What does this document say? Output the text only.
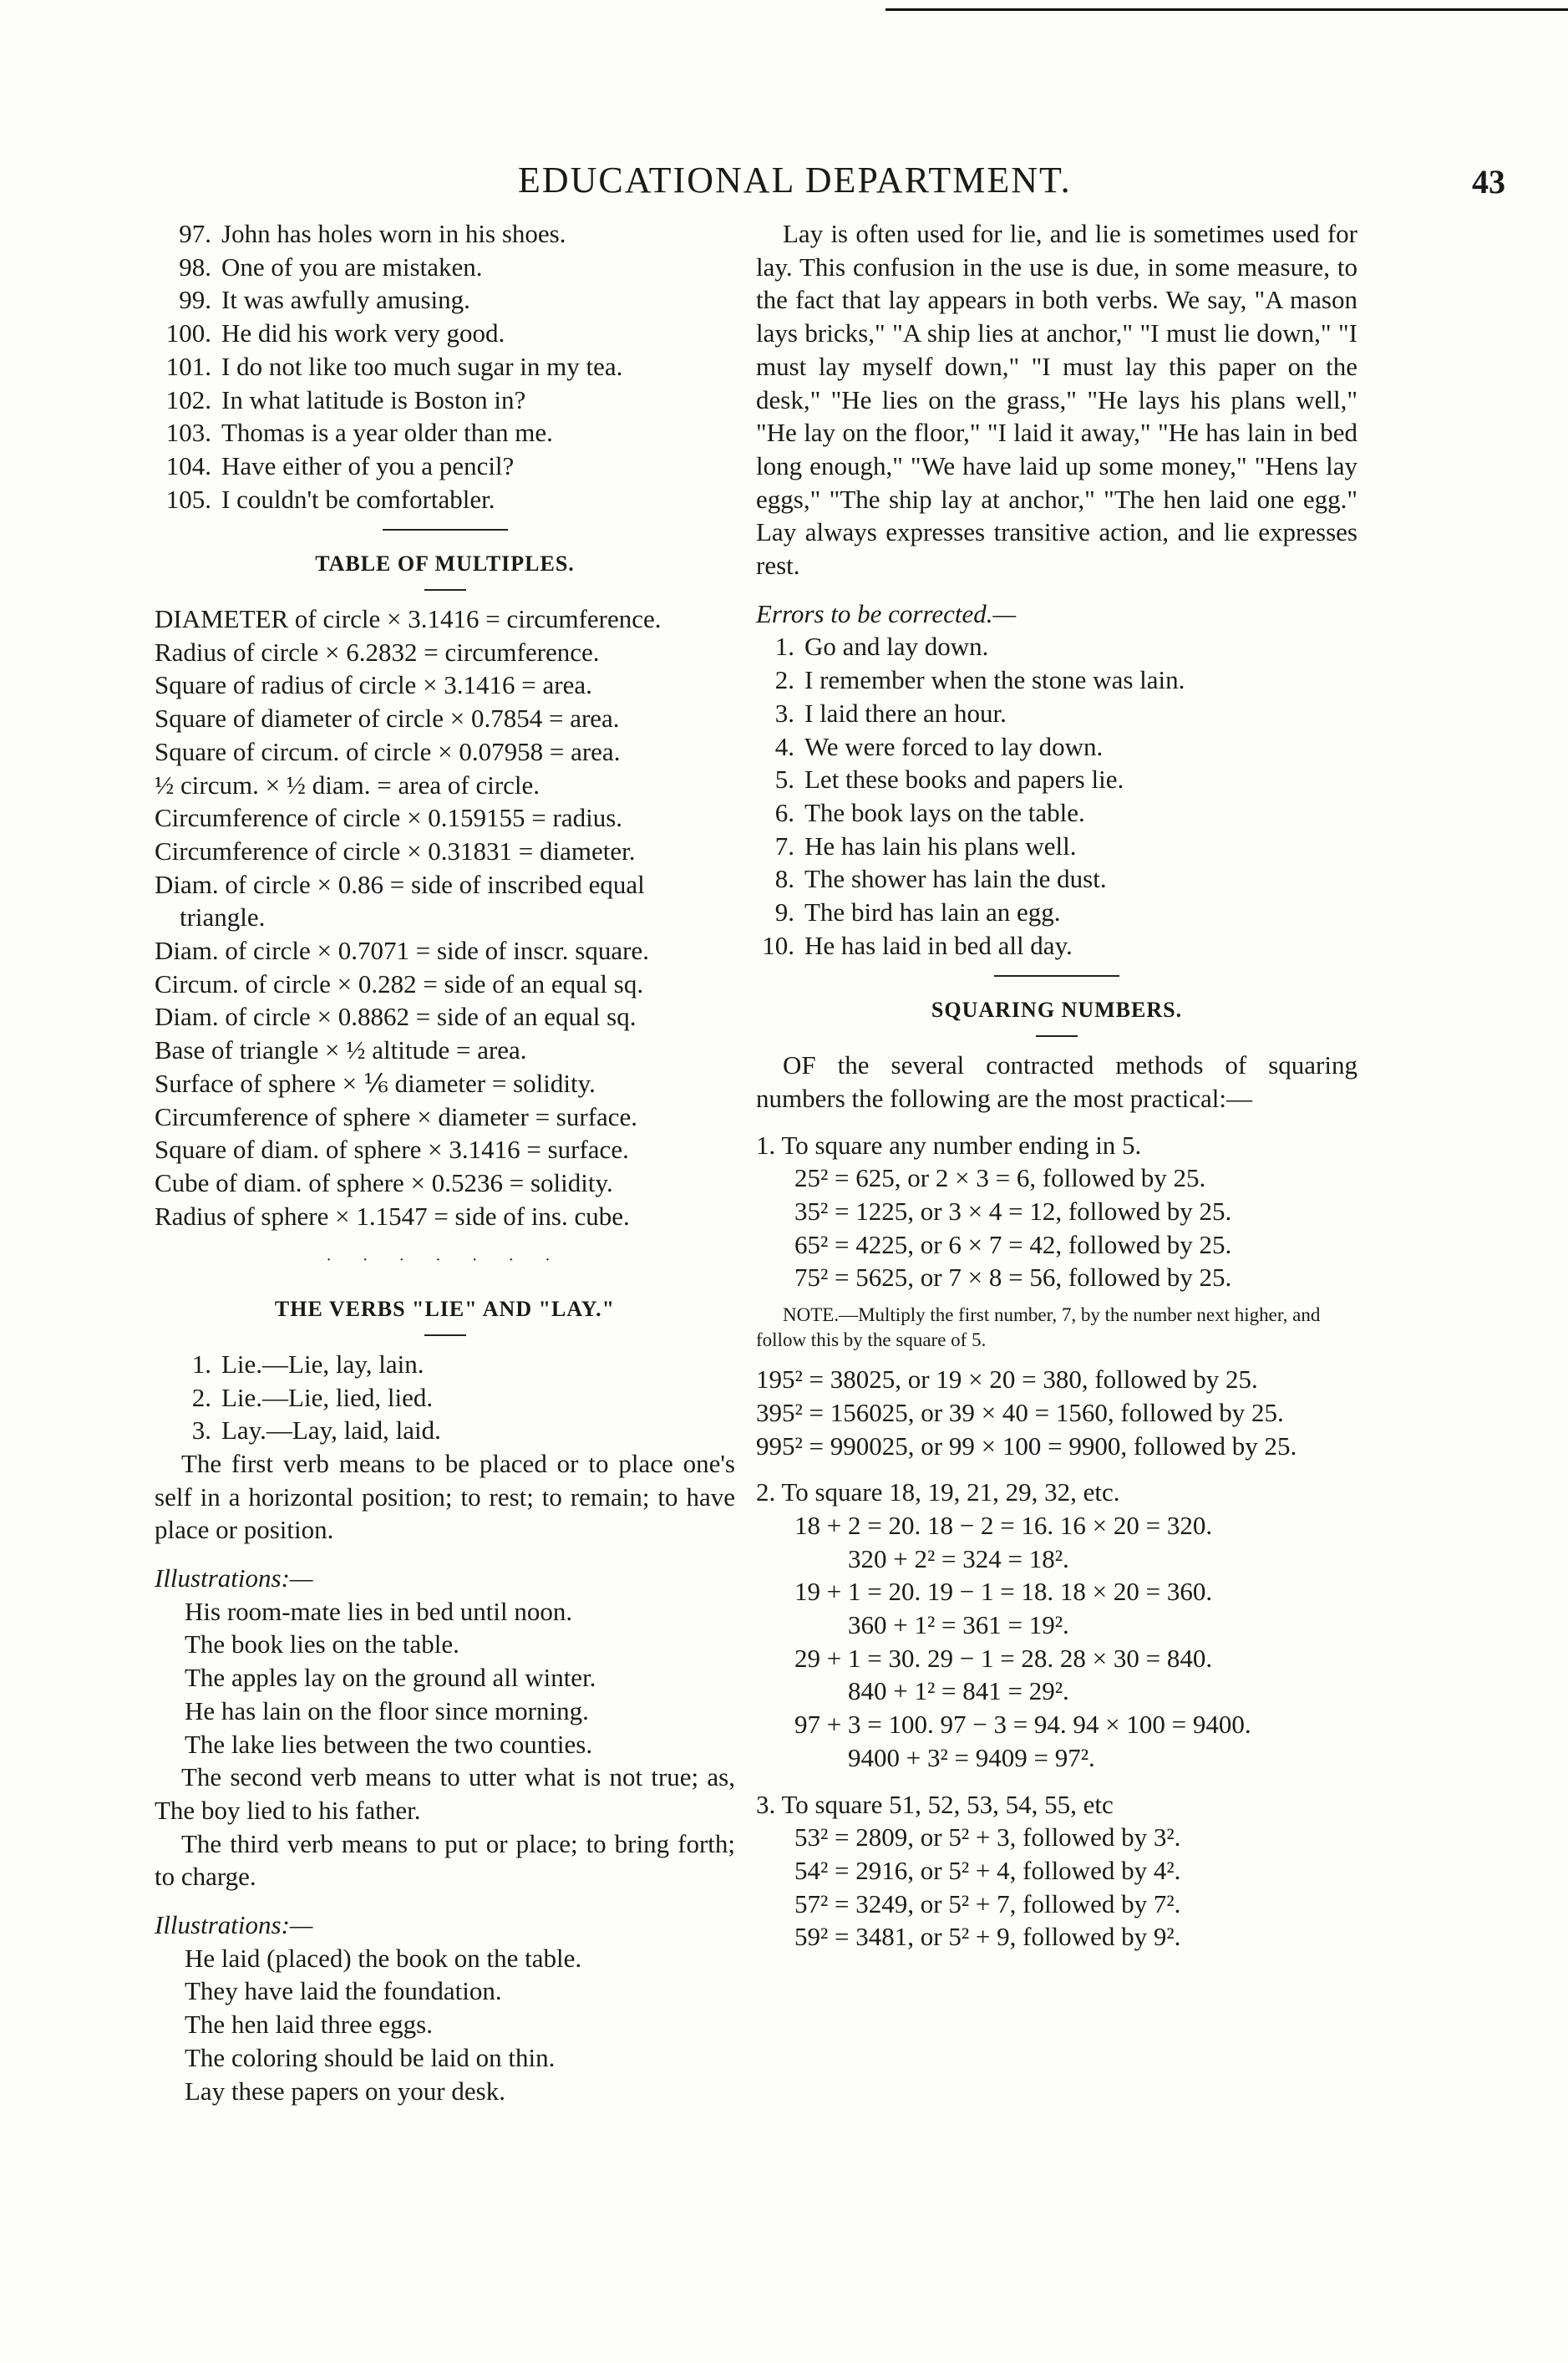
EDUCATIONAL DEPARTMENT.	43
97. John has holes worn in his shoes.
98. One of you are mistaken.
99. It was awfully amusing.
100. He did his work very good.
101. I do not like too much sugar in my tea.
102. In what latitude is Boston in?
103. Thomas is a year older than me.
104. Have either of you a pencil?
105. I couldn't be comfortabler.
TABLE OF MULTIPLES.
DIAMETER of circle × 3.1416 = circumference.
Radius of circle × 6.2832 = circumference.
Square of radius of circle × 3.1416 = area.
Square of diameter of circle × 0.7854 = area.
Square of circum. of circle × 0.07958 = area.
½ circum. × ½ diam. = area of circle.
Circumference of circle × 0.159155 = radius.
Circumference of circle × 0.31831 = diameter.
Diam. of circle × 0.86 = side of inscribed equal triangle.
Diam. of circle × 0.7071 = side of inscr. square.
Circum. of circle × 0.282 = side of an equal sq.
Diam. of circle × 0.8862 = side of an equal sq.
Base of triangle × ½ altitude = area.
Surface of sphere × ⅙ diameter = solidity.
Circumference of sphere × diameter = surface.
Square of diam. of sphere × 3.1416 = surface.
Cube of diam. of sphere × 0.5236 = solidity.
Radius of sphere × 1.1547 = side of ins. cube.
· · · · · · ·
THE VERBS "LIE" AND "LAY."
1. Lie.—Lie, lay, lain.
2. Lie.—Lie, lied, lied.
3. Lay.—Lay, laid, laid.
The first verb means to be placed or to place one's self in a horizontal position; to rest; to remain; to have place or position.
Illustrations:—
His room-mate lies in bed until noon.
The book lies on the table.
The apples lay on the ground all winter.
He has lain on the floor since morning.
The lake lies between the two counties.
The second verb means to utter what is not true; as, The boy lied to his father.
The third verb means to put or place; to bring forth; to charge.
Illustrations:—
He laid (placed) the book on the table.
They have laid the foundation.
The hen laid three eggs.
The coloring should be laid on thin.
Lay these papers on your desk.
Lay is often used for lie, and lie is sometimes used for lay. This confusion in the use is due, in some measure, to the fact that lay appears in both verbs. We say, "A mason lays bricks," "A ship lies at anchor," "I must lie down," "I must lay myself down," "I must lay this paper on the desk," "He lies on the grass," "He lays his plans well," "He lay on the floor," "I laid it away," "He has lain in bed long enough," "We have laid up some money," "Hens lay eggs," "The ship lay at anchor," "The hen laid one egg." Lay always expresses transitive action, and lie expresses rest.
Errors to be corrected.—
1. Go and lay down.
2. I remember when the stone was lain.
3. I laid there an hour.
4. We were forced to lay down.
5. Let these books and papers lie.
6. The book lays on the table.
7. He has lain his plans well.
8. The shower has lain the dust.
9. The bird has lain an egg.
10. He has laid in bed all day.
SQUARING NUMBERS.
OF the several contracted methods of squaring numbers the following are the most practical:—
1. To square any number ending in 5.
25² = 625, or 2 × 3 = 6, followed by 25.
35² = 1225, or 3 × 4 = 12, followed by 25.
65² = 4225, or 6 × 7 = 42, followed by 25.
75² = 5625, or 7 × 8 = 56, followed by 25.
NOTE.—Multiply the first number, 7, by the number next higher, and follow this by the square of 5.
195² = 38025, or 19 × 20 = 380, followed by 25.
395² = 156025, or 39 × 40 = 1560, followed by 25.
995² = 990025, or 99 × 100 = 9900, followed by 25.
2. To square 18, 19, 21, 29, 32, etc.
18 + 2 = 20. 18 − 2 = 16. 16 × 20 = 320.
320 + 2² = 324 = 18².
19 + 1 = 20. 19 − 1 = 18. 18 × 20 = 360.
360 + 1² = 361 = 19².
29 + 1 = 30. 29 − 1 = 28. 28 × 30 = 840.
840 + 1² = 841 = 29².
97 + 3 = 100. 97 − 3 = 94. 94 × 100 = 9400.
9400 + 3² = 9409 = 97².
3. To square 51, 52, 53, 54, 55, etc
53² = 2809, or 5² + 3, followed by 3².
54² = 2916, or 5² + 4, followed by 4².
57² = 3249, or 5² + 7, followed by 7².
59² = 3481, or 5² + 9, followed by 9².
